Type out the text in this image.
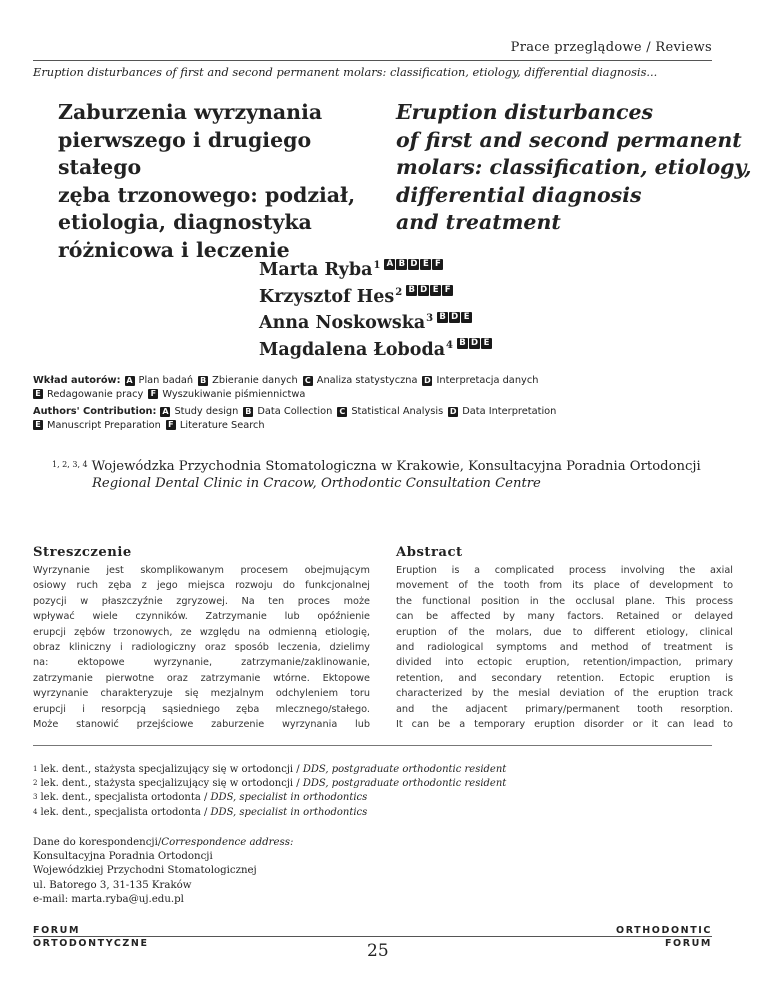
Prace przeglądowe / Reviews
Eruption disturbances of first and second permanent molars: classification, etiology, differential diagnosis...
Zaburzenia wyrzynania
pierwszego i drugiego stałego
zęba trzonowego: podział,
etiologia, diagnostyka
różnicowa i leczenie
Eruption disturbances
of first and second permanent
molars: classification, etiology,
differential diagnosis
and treatment
Marta Ryba$^1$ A B D E F
Krzysztof Hes$^2$ B D E F
Anna Noskowska$^3$ B D E
Magdalena Łoboda$^4$ B D E
Wkład autorów: A Plan badań B Zbieranie danych C Analiza statystyczna D Interpretacja danych
E Redagowanie pracy F Wyszukiwanie piśmiennictwa
Authors' Contribution: A Study design B Data Collection C Statistical Analysis D Data Interpretation
E Manuscript Preparation F Literature Search
$^{1, 2, 3, 4}$ Wojewódzka Przychodnia Stomatologiczna w Krakowie, Konsultacyjna Poradnia Ortodoncji
Regional Dental Clinic in Cracow, Orthodontic Consultation Centre
Streszczenie	Abstract
Wyrzynanie jest skomplikowanym procesem obejmującym
osiowy ruch zęba z jego miejsca rozwoju do funkcjonalnej
pozycji w płaszczyźnie zgryzowej. Na ten proces może
wpływać wiele czynników. Zatrzymanie lub opóźnienie
erupcji zębów trzonowych, ze względu na odmienną etiologię,
obraz kliniczny i radiologiczny oraz sposób leczenia, dzielimy
na: ektopowe wyrzynanie, zatrzymanie/zaklinowanie,
zatrzymanie pierwotne oraz zatrzymanie wtórne. Ektopowe
wyrzynanie charakteryzuje się mezjalnym odchyleniem toru
erupcji i resorpcją sąsiedniego zęba mlecznego/stałego.
Może stanowić przejściowe zaburzenie wyrzynania lub
Eruption is a complicated process involving the axial
movement of the tooth from its place of development to
the functional position in the occlusal plane. This process
can be affected by many factors. Retained or delayed
eruption of the molars, due to different etiology, clinical
and radiological symptoms and method of treatment is
divided into ectopic eruption, retention/impaction, primary
retention, and secondary retention. Ectopic eruption is
characterized by the mesial deviation of the eruption track
and the adjacent primary/permanent tooth resorption.
It can be a temporary eruption disorder or it can lead to
$^1$ lek. dent., stażysta specjalizujący się w ortodoncji / DDS, postgraduate orthodontic resident
$^2$ lek. dent., stażysta specjalizujący się w ortodoncji / DDS, postgraduate orthodontic resident
$^3$ lek. dent., specjalista ortodonta / DDS, specialist in orthodontics
$^4$ lek. dent., specjalista ortodonta / DDS, specialist in orthodontics
Dane do korespondencji/Correspondence address:
Konsultacyjna Poradnia Ortodoncji
Wojewódzkiej Przychodni Stomatologicznej
ul. Batorego 3, 31-135 Kraków
e-mail: marta.ryba@uj.edu.pl
FORUM
ORTODONTYCZNE
ORTHODONTIC
FORUM
25
